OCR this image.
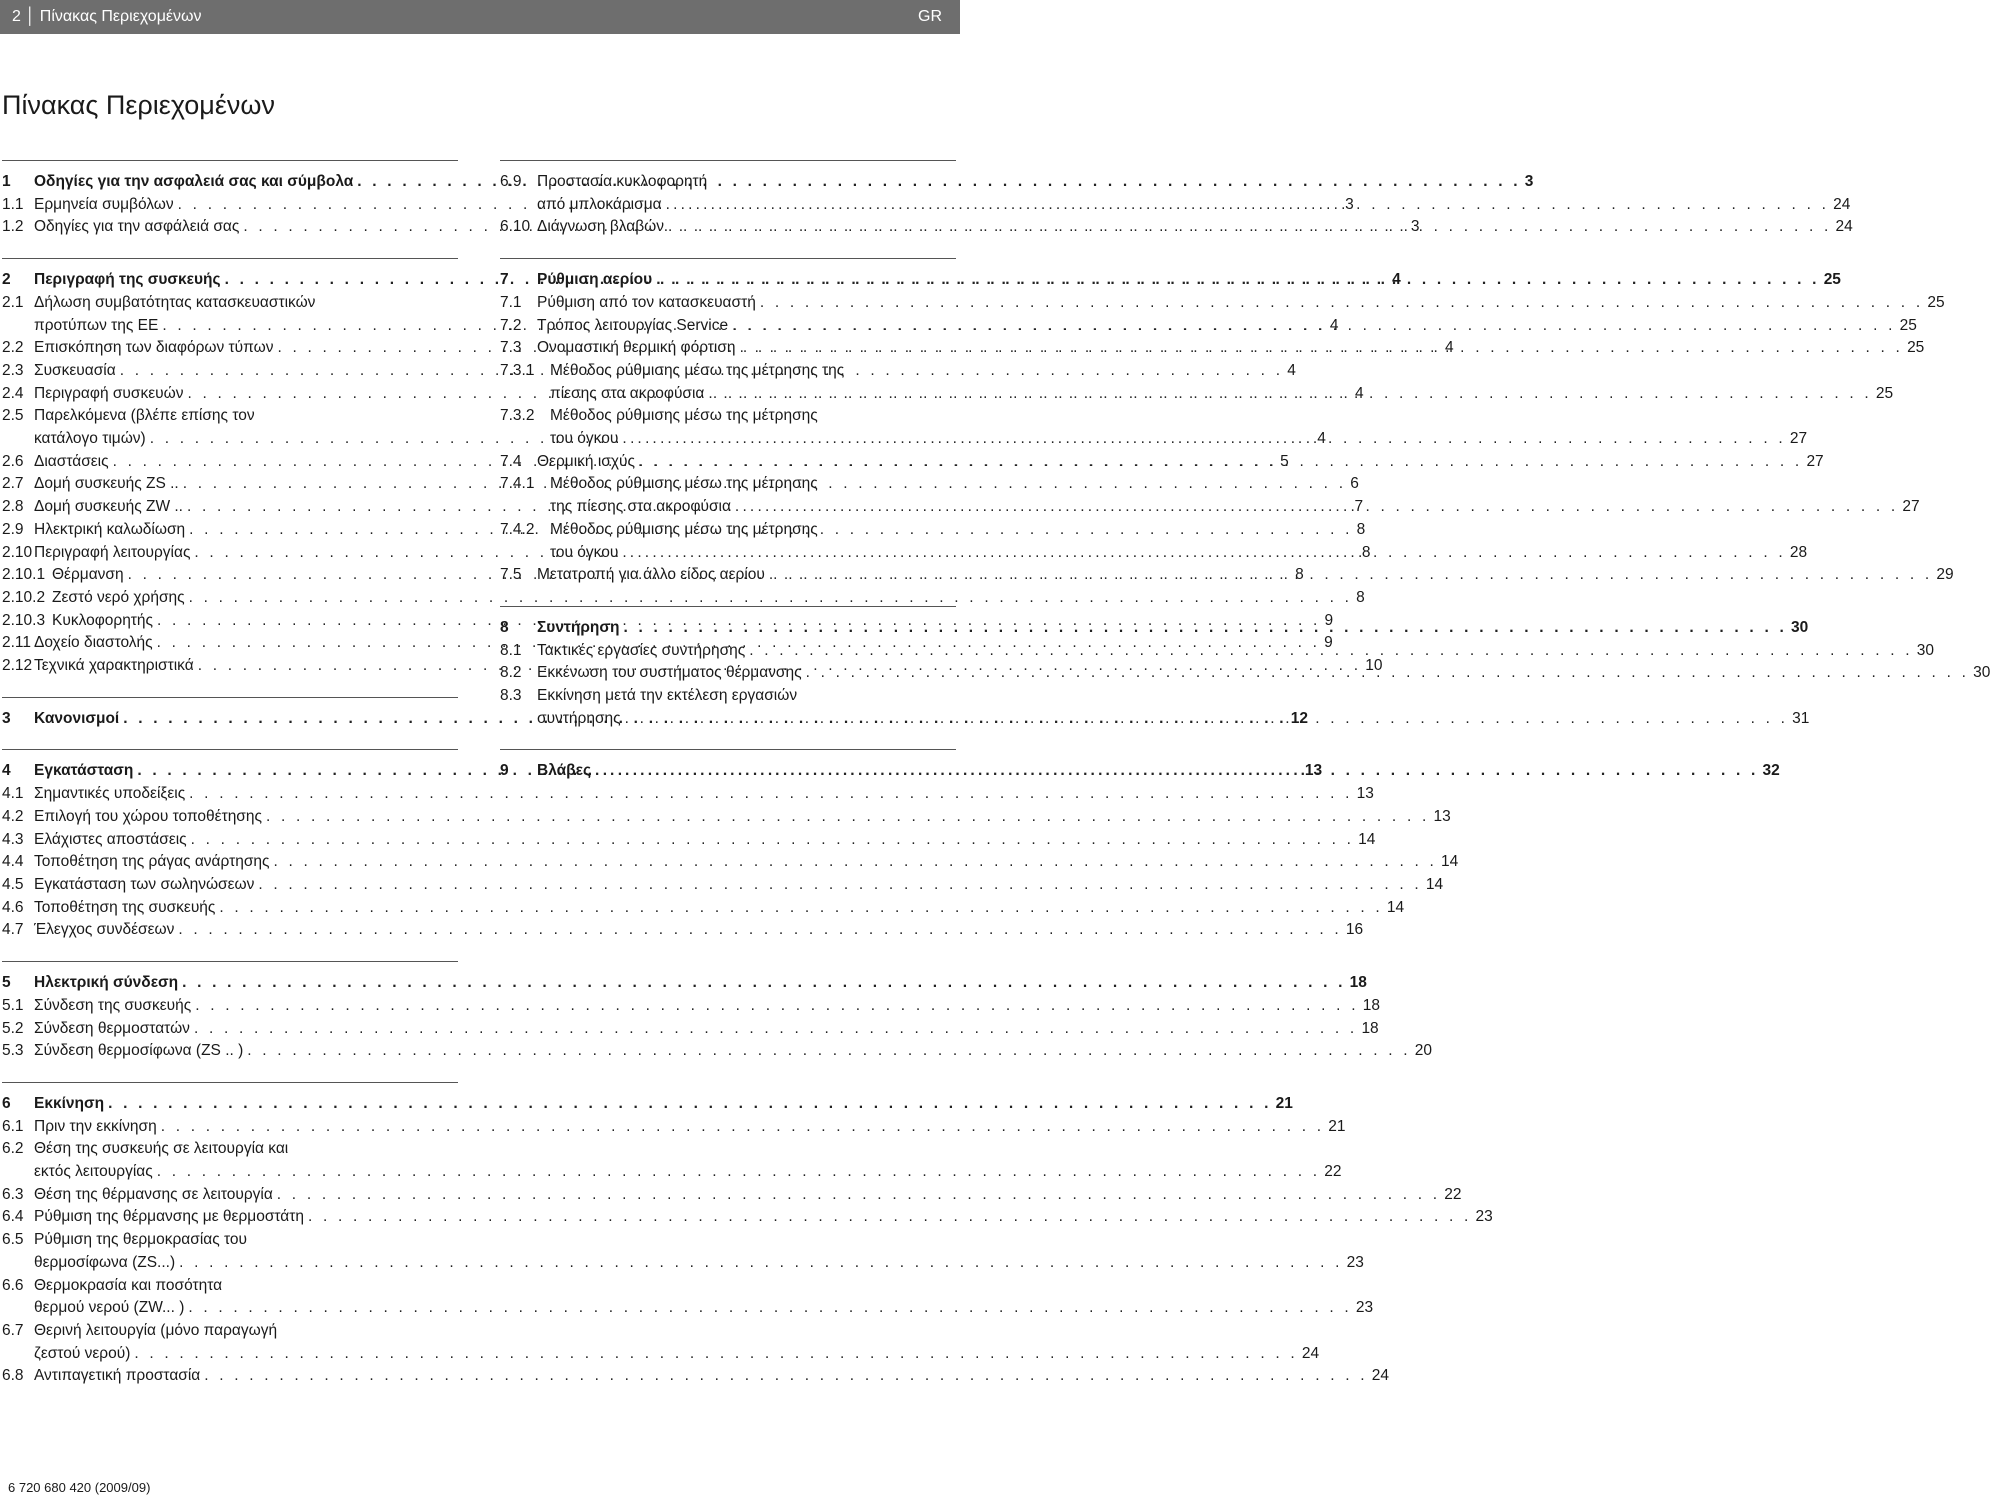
2 │ Πίνακας Περιεχομένων	GR
Πίνακας Περιεχομένων
1	Οδηγίες για την ασφαλειά σας και σύμβολα . . .	3
1.1 Ερμηνεία συμβόλων . . .	3
1.2 Οδηγίες για την ασφάλειά σας . . .	3
2	Περιγραφή της συσκευής . . .	4
2.1 Δήλωση συμβατότητας κατασκευαστικών
προτύπων της ΕΕ . . .	4
2.2 Επισκόπηση των διαφόρων τύπων . . .	4
2.3 Συσκευασία . . .	4
2.4 Περιγραφή συσκευών . . .	4
2.5 Παρελκόμενα (βλέπε επίσης τον
κατάλογο τιμών) . . .	4
2.6 Διαστάσεις . . .	5
2.7 Δομή συσκευής ZS .. . . .	6
2.8 Δομή συσκευής ZW .. . . .	7
2.9 Ηλεκτρική καλωδίωση . . .	8
2.10 Περιγραφή λειτουργίας . . .	8
2.10.1 Θέρμανση . . .	8
2.10.2 Ζεστό νερό χρήσης . . .	8
2.10.3 Κυκλοφορητής . . .	9
2.11 Δοχείο διαστολής . . .	9
2.12 Τεχνικά χαρακτηριστικά . . .	10
3	Κανονισμοί . . .	12
4	Εγκατάσταση . . .	13
4.1 Σημαντικές υποδείξεις . . .	13
4.2 Επιλογή του χώρου τοποθέτησης . . .	13
4.3 Ελάχιστες αποστάσεις . . .	14
4.4 Τοποθέτηση της ράγας ανάρτησης . . .	14
4.5 Εγκατάσταση των σωληνώσεων . . .	14
4.6 Τοποθέτηση της συσκευής . . .	14
4.7 Έλεγχος συνδέσεων . . .	16
5	Ηλεκτρική σύνδεση . . .	18
5.1 Σύνδεση της συσκευής . . .	18
5.2 Σύνδεση θερμοστατών . . .	18
5.3 Σύνδεση θερμοσίφωνα (ZS .. ) . . .	20
6	Εκκίνηση . . .	21
6.1 Πριν την εκκίνηση . . .	21
6.2 Θέση της συσκευής σε λειτουργία και
εκτός λειτουργίας . . .	22
6.3 Θέση της θέρμανσης σε λειτουργία . . .	22
6.4 Ρύθμιση της θέρμανσης με θερμοστάτη . . .	23
6.5 Ρύθμιση της θερμοκρασίας του
θερμοσίφωνα (ZS...) . . .	23
6.6 Θερμοκρασία και ποσότητα
θερμού νερού (ZW... ) . . .	23
6.7 Θερινή λειτουργία (μόνο παραγωγή
ζεστού νερού) . . .	24
6.8 Αντιπαγετική προστασία . . .	24
6.9 Προστασία κυκλοφορητή
από μπλοκάρισμα . . .	24
6.10 Διάγνωση βλαβών . . .	24
7	Ρύθμιση αερίου . . .	25
7.1 Ρύθμιση από τον κατασκευαστή . . .	25
7.2 Τρόπος λειτουργίας Service . . .	25
7.3 Ονομαστική θερμική φόρτιση . . .	25
7.3.1	Μέθοδος ρύθμισης μέσω της μέτρησης της
πίεσης στα ακροφύσια . . .	25
7.3.2	Μέθοδος ρύθμισης μέσω της μέτρησης
του όγκου . . .	27
7.4 Θερμική ισχύς . . .	27
7.4.1	Μέθοδος ρύθμισης μέσω της μέτρησης
της πίεσης στα ακροφύσια . . .	27
7.4.2	Μέθοδος ρύθμισης μέσω της μέτρησης
του όγκου . . .	28
7.5 Μετατροπή για άλλο είδος αερίου . . .	29
8	Συντήρηση . . .	30
8.1 Τακτικές εργασίες συντήρησης . . .	30
8.2 Εκκένωση του συστήματος θέρμανσης . . .	30
8.3 Εκκίνηση μετά την εκτέλεση εργασιών
συντήρησης . . .	31
9	Βλάβες . . .	32
6 720 680 420 (2009/09)
